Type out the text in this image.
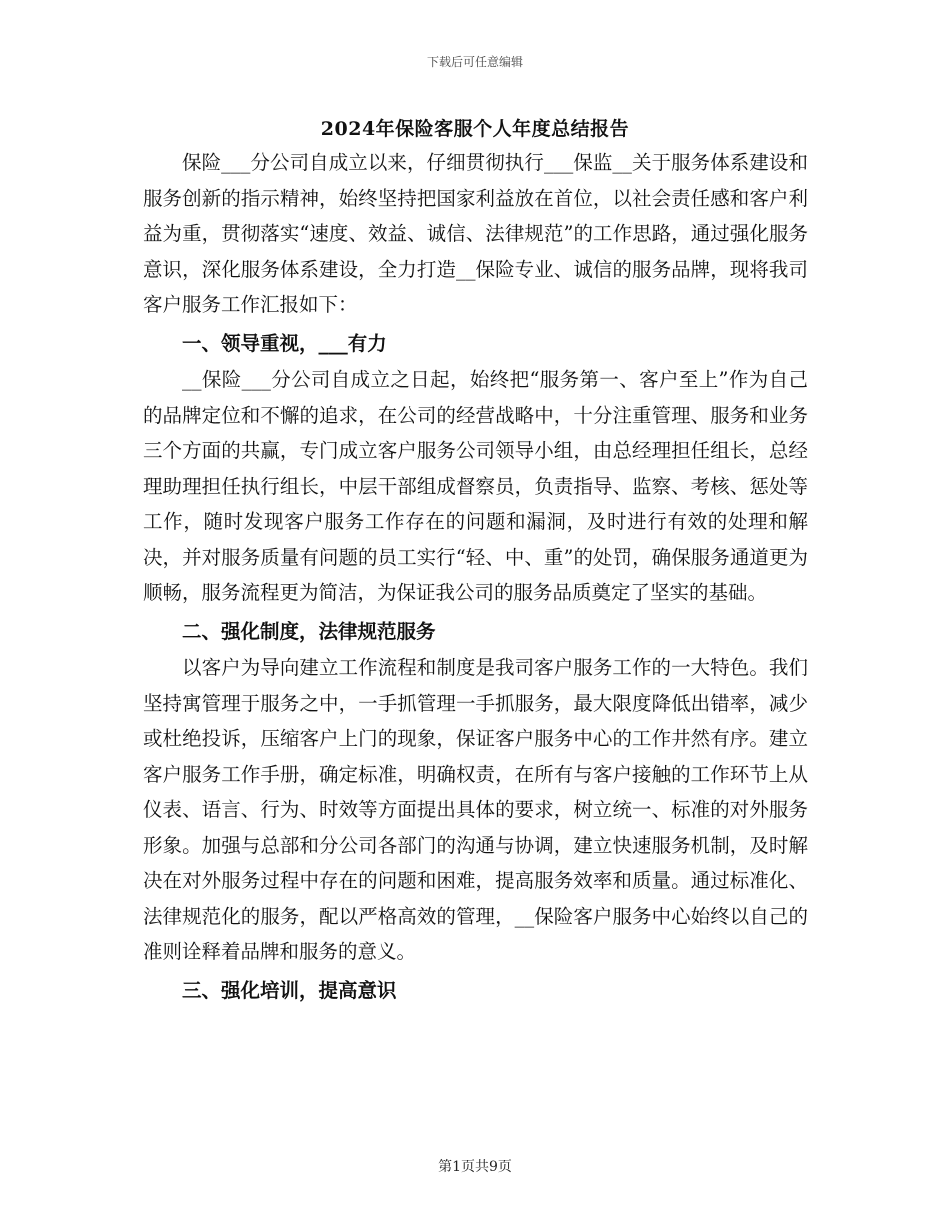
下载后可任意编辑
2024年保险客服个人年度总结报告

保险___分公司自成立以来，仔细贯彻执行___保监__关于服务体系建设和服务创新的指示精神，始终坚持把国家利益放在首位，以社会责任感和客户利益为重，贯彻落实“速度、效益、诚信、法律规范”的工作思路，通过强化服务意识，深化服务体系建设，全力打造__保险专业、诚信的服务品牌，现将我司客户服务工作汇报如下：

一、领导重视，___有力

__保险___分公司自成立之日起，始终把“服务第一、客户至上”作为自己的品牌定位和不懈的追求，在公司的经营战略中，十分注重管理、服务和业务三个方面的共赢，专门成立客户服务公司领导小组，由总经理担任组长，总经理助理担任执行组长，中层干部组成督察员，负责指导、监察、考核、惩处等工作，随时发现客户服务工作存在的问题和漏洞，及时进行有效的处理和解决，并对服务质量有问题的员工实行“轻、中、重”的处罚，确保服务通道更为顺畅，服务流程更为简洁，为保证我公司的服务品质奠定了坚实的基础。

二、强化制度，法律规范服务

以客户为导向建立工作流程和制度是我司客户服务工作的一大特色。我们坚持寓管理于服务之中，一手抓管理一手抓服务，最大限度降低出错率，减少或杜绝投诉，压缩客户上门的现象，保证客户服务中心的工作井然有序。建立客户服务工作手册，确定标准，明确权责，在所有与客户接触的工作环节上从仪表、语言、行为、时效等方面提出具体的要求，树立统一、标准的对外服务形象。加强与总部和分公司各部门的沟通与协调，建立快速服务机制，及时解决在对外服务过程中存在的问题和困难，提高服务效率和质量。通过标准化、法律规范化的服务，配以严格高效的管理，__保险客户服务中心始终以自己的准则诠释着品牌和服务的意义。

三、强化培训，提高意识

第1页共9页
